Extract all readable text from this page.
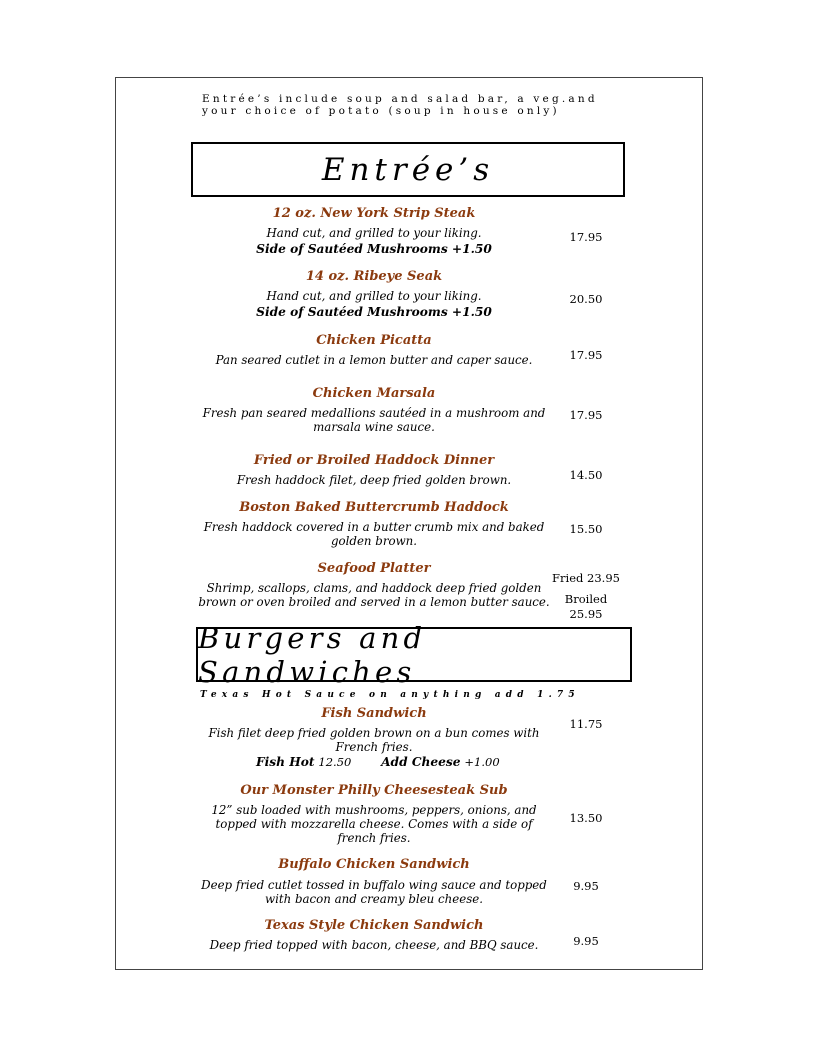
Entrée’s include soup and salad bar, a veg.and
your choice of potato (soup in house only)
Entrée’s
12 oz. New York Strip Steak
Hand cut, and grilled to your liking.
Side of Sautéed Mushrooms +1.50
17.95
14 oz. Ribeye Seak
Hand cut, and grilled to your liking.
Side of Sautéed Mushrooms +1.50
20.50
Chicken Picatta
Pan seared cutlet in a lemon butter and caper sauce.	17.95
Chicken Marsala
Fresh pan seared medallions sautéed in a mushroom and marsala wine sauce.
17.95
Fried or Broiled Haddock Dinner
Fresh haddock filet, deep fried golden brown.	14.50
Boston Baked Buttercrumb Haddock
Fresh haddock covered in a butter crumb mix and baked golden brown.
15.50
Seafood Platter
Shrimp, scallops, clams, and haddock deep fried golden brown or oven broiled and served in a lemon butter sauce.
Fried 23.95
Broiled
25.95
Burgers and Sandwiches
Texas Hot Sauce on anything add 1.75
Fish Sandwich
Fish filet deep fried golden brown on a bun comes with French fries.
11.75
Fish Hot 12.50 Add Cheese +1.00
Our Monster Philly Cheesesteak Sub
12” sub loaded with mushrooms, peppers, onions, and topped with mozzarella cheese. Comes with a side of french fries.
13.50
Buffalo Chicken Sandwich
Deep fried cutlet tossed in buffalo wing sauce and topped with bacon and creamy bleu cheese.
9.95
Texas Style Chicken Sandwich
Deep fried topped with bacon, cheese, and BBQ sauce.	9.95
